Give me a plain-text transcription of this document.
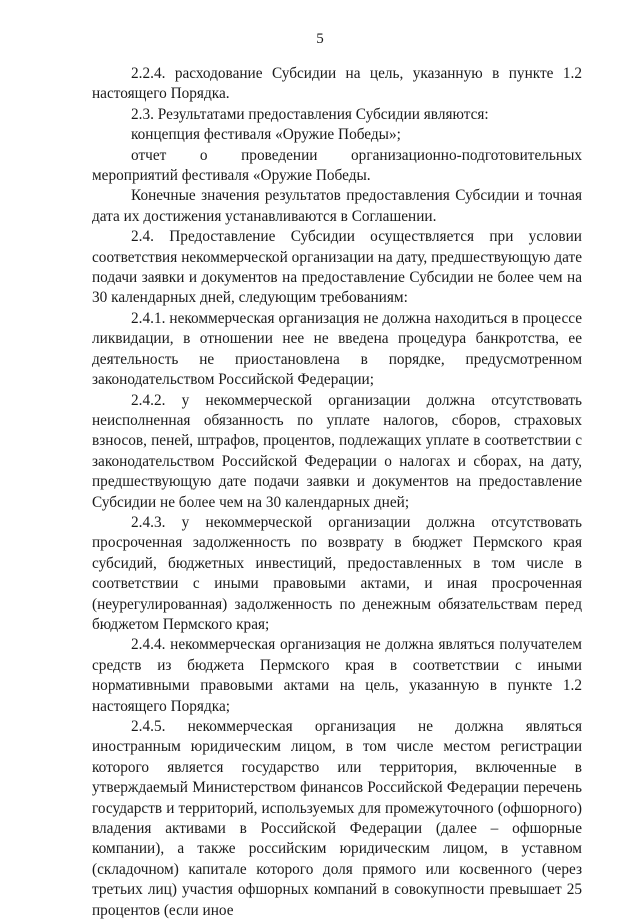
5

2.2.4. расходование Субсидии на цель, указанную в пункте 1.2 настоящего Порядка.

2.3. Результатами предоставления Субсидии являются:

концепция фестиваля «Оружие Победы»;

отчет о проведении организационно-подготовительных мероприятий фестиваля «Оружие Победы.

Конечные значения результатов предоставления Субсидии и точная дата их достижения устанавливаются в Соглашении.

2.4. Предоставление Субсидии осуществляется при условии соответствия некоммерческой организации на дату, предшествующую дате подачи заявки и документов на предоставление Субсидии не более чем на 30 календарных дней, следующим требованиям:

2.4.1. некоммерческая организация не должна находиться в процессе ликвидации, в отношении нее не введена процедура банкротства, ее деятельность не приостановлена в порядке, предусмотренном законодательством Российской Федерации;

2.4.2. у некоммерческой организации должна отсутствовать неисполненная обязанность по уплате налогов, сборов, страховых взносов, пеней, штрафов, процентов, подлежащих уплате в соответствии с законодательством Российской Федерации о налогах и сборах, на дату, предшествующую дате подачи заявки и документов на предоставление Субсидии не более чем на 30 календарных дней;

2.4.3. у некоммерческой организации должна отсутствовать просроченная задолженность по возврату в бюджет Пермского края субсидий, бюджетных инвестиций, предоставленных в том числе в соответствии с иными правовыми актами, и иная просроченная (неурегулированная) задолженность по денежным обязательствам перед бюджетом Пермского края;

2.4.4. некоммерческая организация не должна являться получателем средств из бюджета Пермского края в соответствии с иными нормативными правовыми актами на цель, указанную в пункте 1.2 настоящего Порядка;

2.4.5. некоммерческая организация не должна являться иностранным юридическим лицом, в том числе местом регистрации которого является государство или территория, включенные в утверждаемый Министерством финансов Российской Федерации перечень государств и территорий, используемых для промежуточного (офшорного) владения активами в Российской Федерации (далее – офшорные компании), а также российским юридическим лицом, в уставном (складочном) капитале которого доля прямого или косвенного (через третьих лиц) участия офшорных компаний в совокупности превышает 25 процентов (если иное
